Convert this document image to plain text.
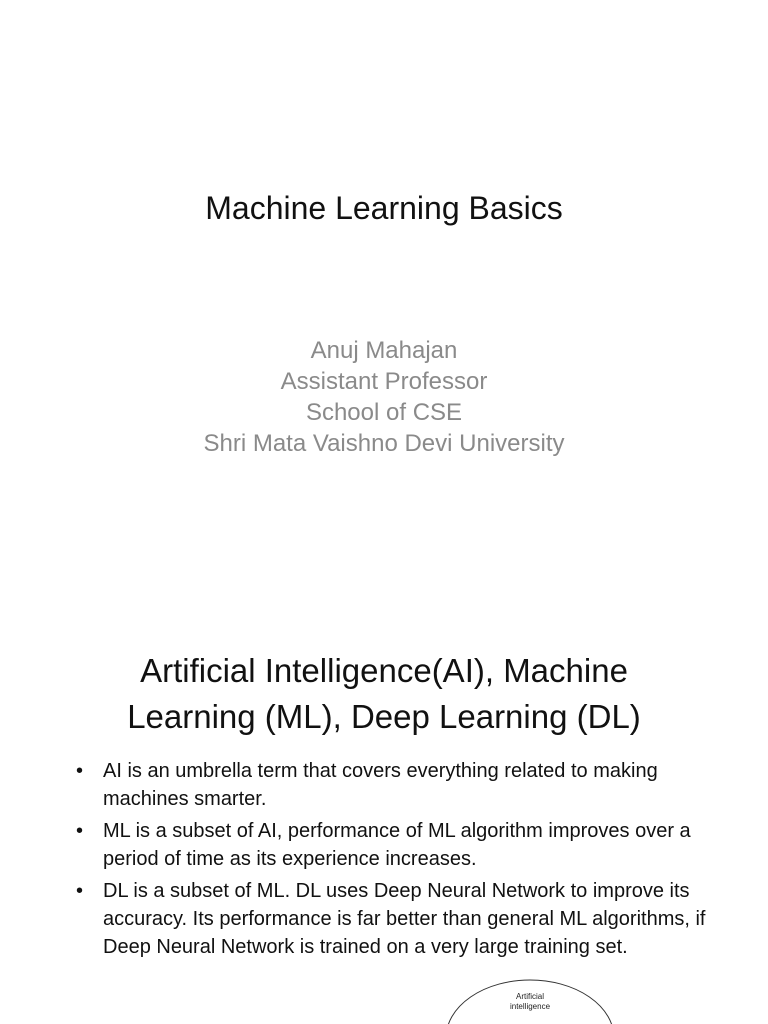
Machine Learning Basics
Anuj Mahajan
Assistant Professor
School of CSE
Shri Mata Vaishno Devi University
Artificial Intelligence(AI), Machine
Learning (ML), Deep Learning (DL)
• AI is an umbrella term that covers everything related to making machines smarter.
• ML is a subset of AI, performance of ML algorithm improves over a period of time as its experience increases.
• DL is a subset of ML. DL uses Deep Neural Network to improve its accuracy. Its performance is far better than general ML algorithms, if Deep Neural Network is trained on a very large training set.
Artificial
intelligence
